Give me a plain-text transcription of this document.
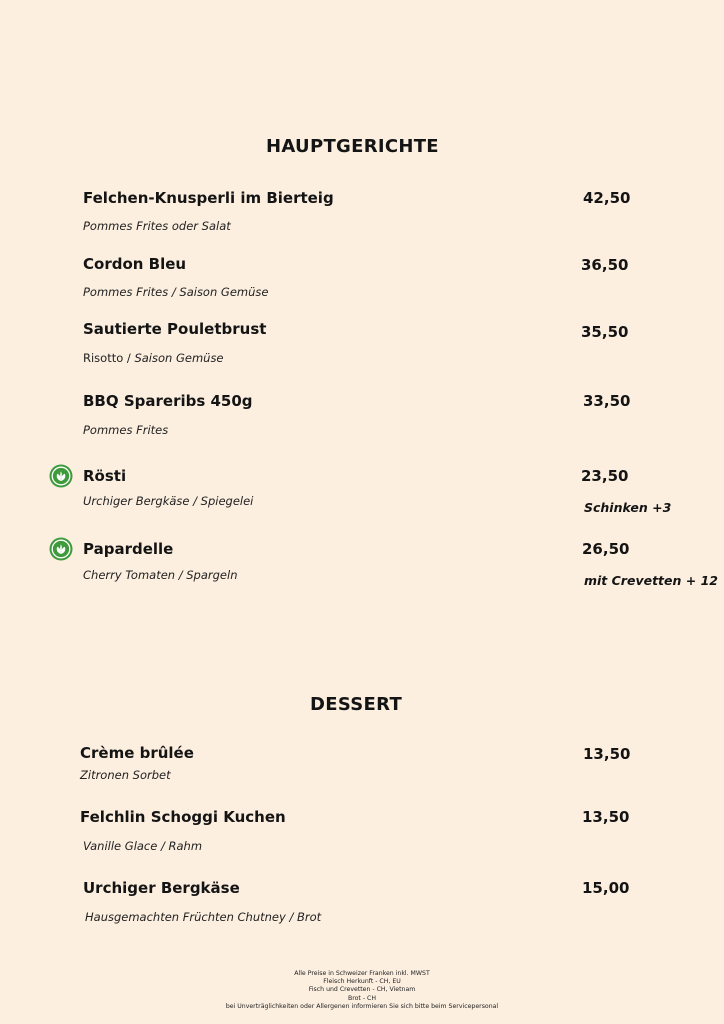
HAUPTGERICHTE
Felchen-Knusperli im Bierteig
Pommes Frites oder Salat
42,50
Cordon Bleu
Pommes Frites / Saison Gemüse
36,50
Sautierte Pouletbrust
Risotto / Saison Gemüse
35,50
BBQ Spareribs 450g
Pommes Frites
33,50
Rösti
Urchiger Bergkäse / Spiegelei
23,50
Schinken +3
Papardelle
Cherry Tomaten / Spargeln
26,50
mit Crevetten + 12
DESSERT
Crème brûlée
Zitronen Sorbet
13,50
Felchlin Schoggi Kuchen
Vanille Glace / Rahm
13,50
Urchiger Bergkäse
Hausgemachten Früchten Chutney / Brot
15,00
Alle Preise in Schweizer Franken inkl. MWST
Fleisch Herkunft - CH, EU
Fisch und Crevetten - CH, Vietnam
Brot - CH
bei Unverträglichkeiten oder Allergenen informieren Sie sich bitte beim Servicepersonal
